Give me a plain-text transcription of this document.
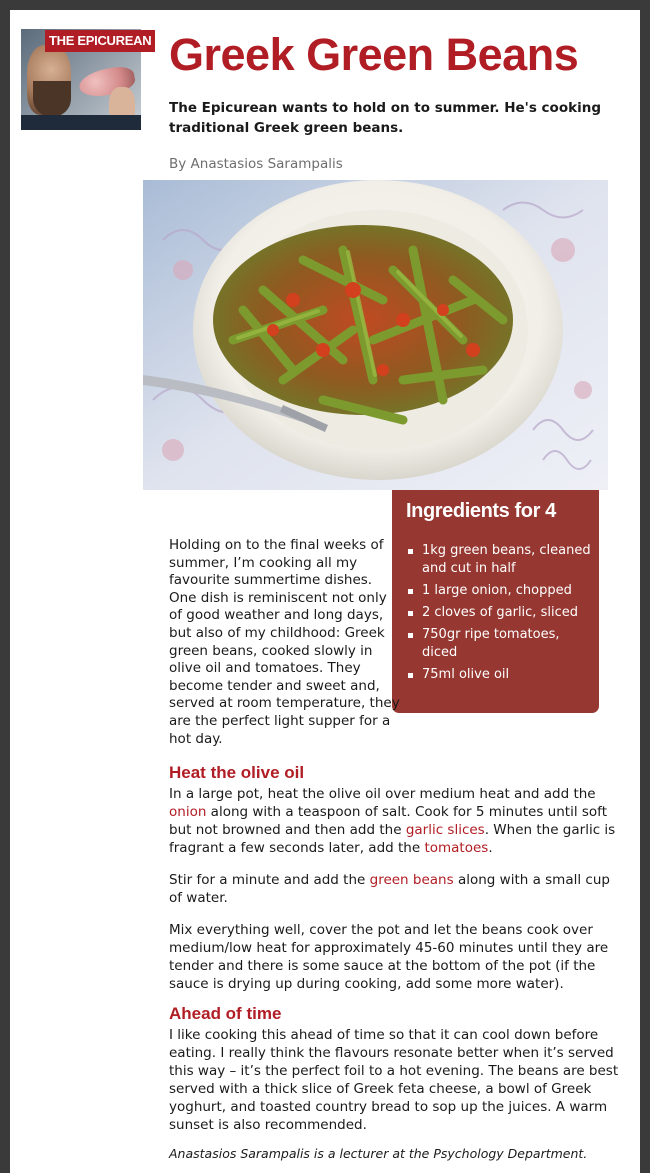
THE EPICUREAN Greek Green Beans

The Epicurean wants to hold on to summer. He's cooking traditional Greek green beans.

By Anastasios Sarampalis

Ingredients for 4
1kg green beans, cleaned and cut in half
1 large onion, chopped
2 cloves of garlic, sliced
750gr ripe tomatoes, diced
75ml olive oil

Holding on to the final weeks of summer, I’m cooking all my favourite summertime dishes. One dish is reminiscent not only of good weather and long days, but also of my childhood: Greek green beans, cooked slowly in olive oil and tomatoes. They become tender and sweet and, served at room temperature, they are the perfect light supper for a hot day.

Heat the olive oil

In a large pot, heat the olive oil over medium heat and add the onion along with a teaspoon of salt. Cook for 5 minutes until soft but not browned and then add the garlic slices. When the garlic is fragrant a few seconds later, add the tomatoes.

Stir for a minute and add the green beans along with a small cup of water.

Mix everything well, cover the pot and let the beans cook over medium/low heat for approximately 45-60 minutes until they are tender and there is some sauce at the bottom of the pot (if the sauce is drying up during cooking, add some more water).

Ahead of time

I like cooking this ahead of time so that it can cool down before eating. I really think the flavours resonate better when it’s served this way – it’s the perfect foil to a hot evening. The beans are best served with a thick slice of Greek feta cheese, a bowl of Greek yoghurt, and toasted country bread to sop up the juices. A warm sunset is also recommended.

Anastasios Sarampalis is a lecturer at the Psychology Department.
